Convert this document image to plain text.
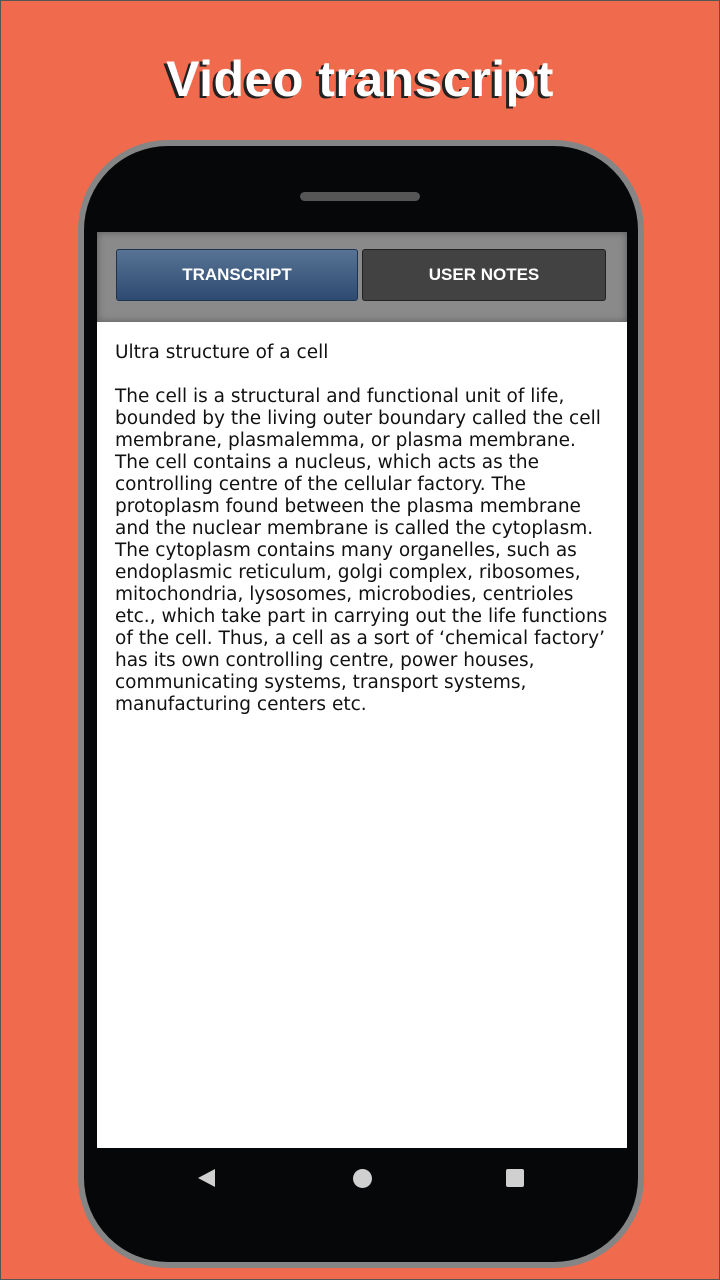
Video transcript
TRANSCRIPT	USER NOTES
Ultra structure of a cell
The cell is a structural and functional unit of life,
bounded by the living outer boundary called the cell
membrane, plasmalemma, or plasma membrane.
The cell contains a nucleus, which acts as the
controlling centre of the cellular factory. The
protoplasm found between the plasma membrane
and the nuclear membrane is called the cytoplasm.
The cytoplasm contains many organelles, such as
endoplasmic reticulum, golgi complex, ribosomes,
mitochondria, lysosomes, microbodies, centrioles
etc., which take part in carrying out the life functions
of the cell. Thus, a cell as a sort of ‘chemical factory’
has its own controlling centre, power houses,
communicating systems, transport systems,
manufacturing centers etc.
